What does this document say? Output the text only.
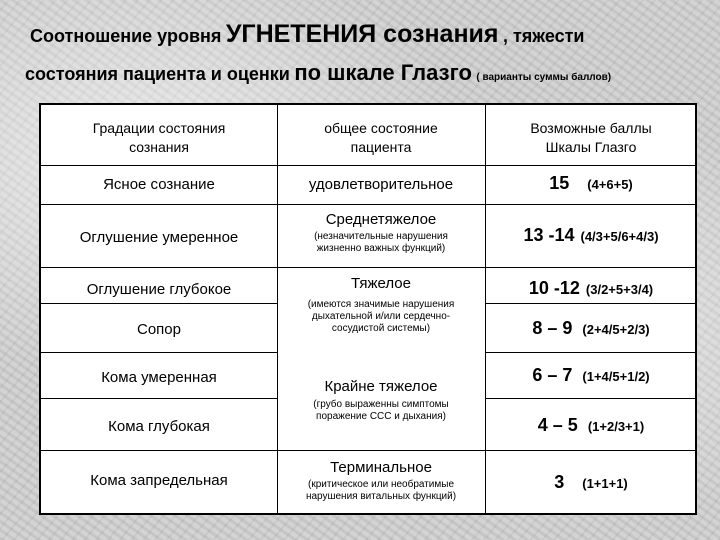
Соотношение уровня УГНЕТЕНИЯ сознания , тяжести
состояния пациента и оценки по шкале Глазго ( варианты суммы баллов)
Градации состояния
сознания
общее состояние
пациента
Возможные баллы
Шкалы Глазго
Ясное сознание
Оглушение умеренное
Оглушение глубокое
Сопор
Кома умеренная
Кома глубокая
Кома запредельная
удовлетворительное
Среднетяжелое
(незначительные нарушения
жизненно важных функций)
Тяжелое
(имеются значимые нарушения
дыхательной и/или сердечно-
сосудистой системы)
Крайне тяжелое
(грубо выраженны симптомы
поражение ССС и дыхания)
Терминальное
(критическое или необратимые
нарушения витальных функций)
15 (4+6+5)
13 -14 (4/3+5/6+4/3)
10 -12 (3/2+5+3/4)
8 – 9 (2+4/5+2/3)
6 – 7 (1+4/5+1/2)
4 – 5 (1+2/3+1)
3 (1+1+1)
